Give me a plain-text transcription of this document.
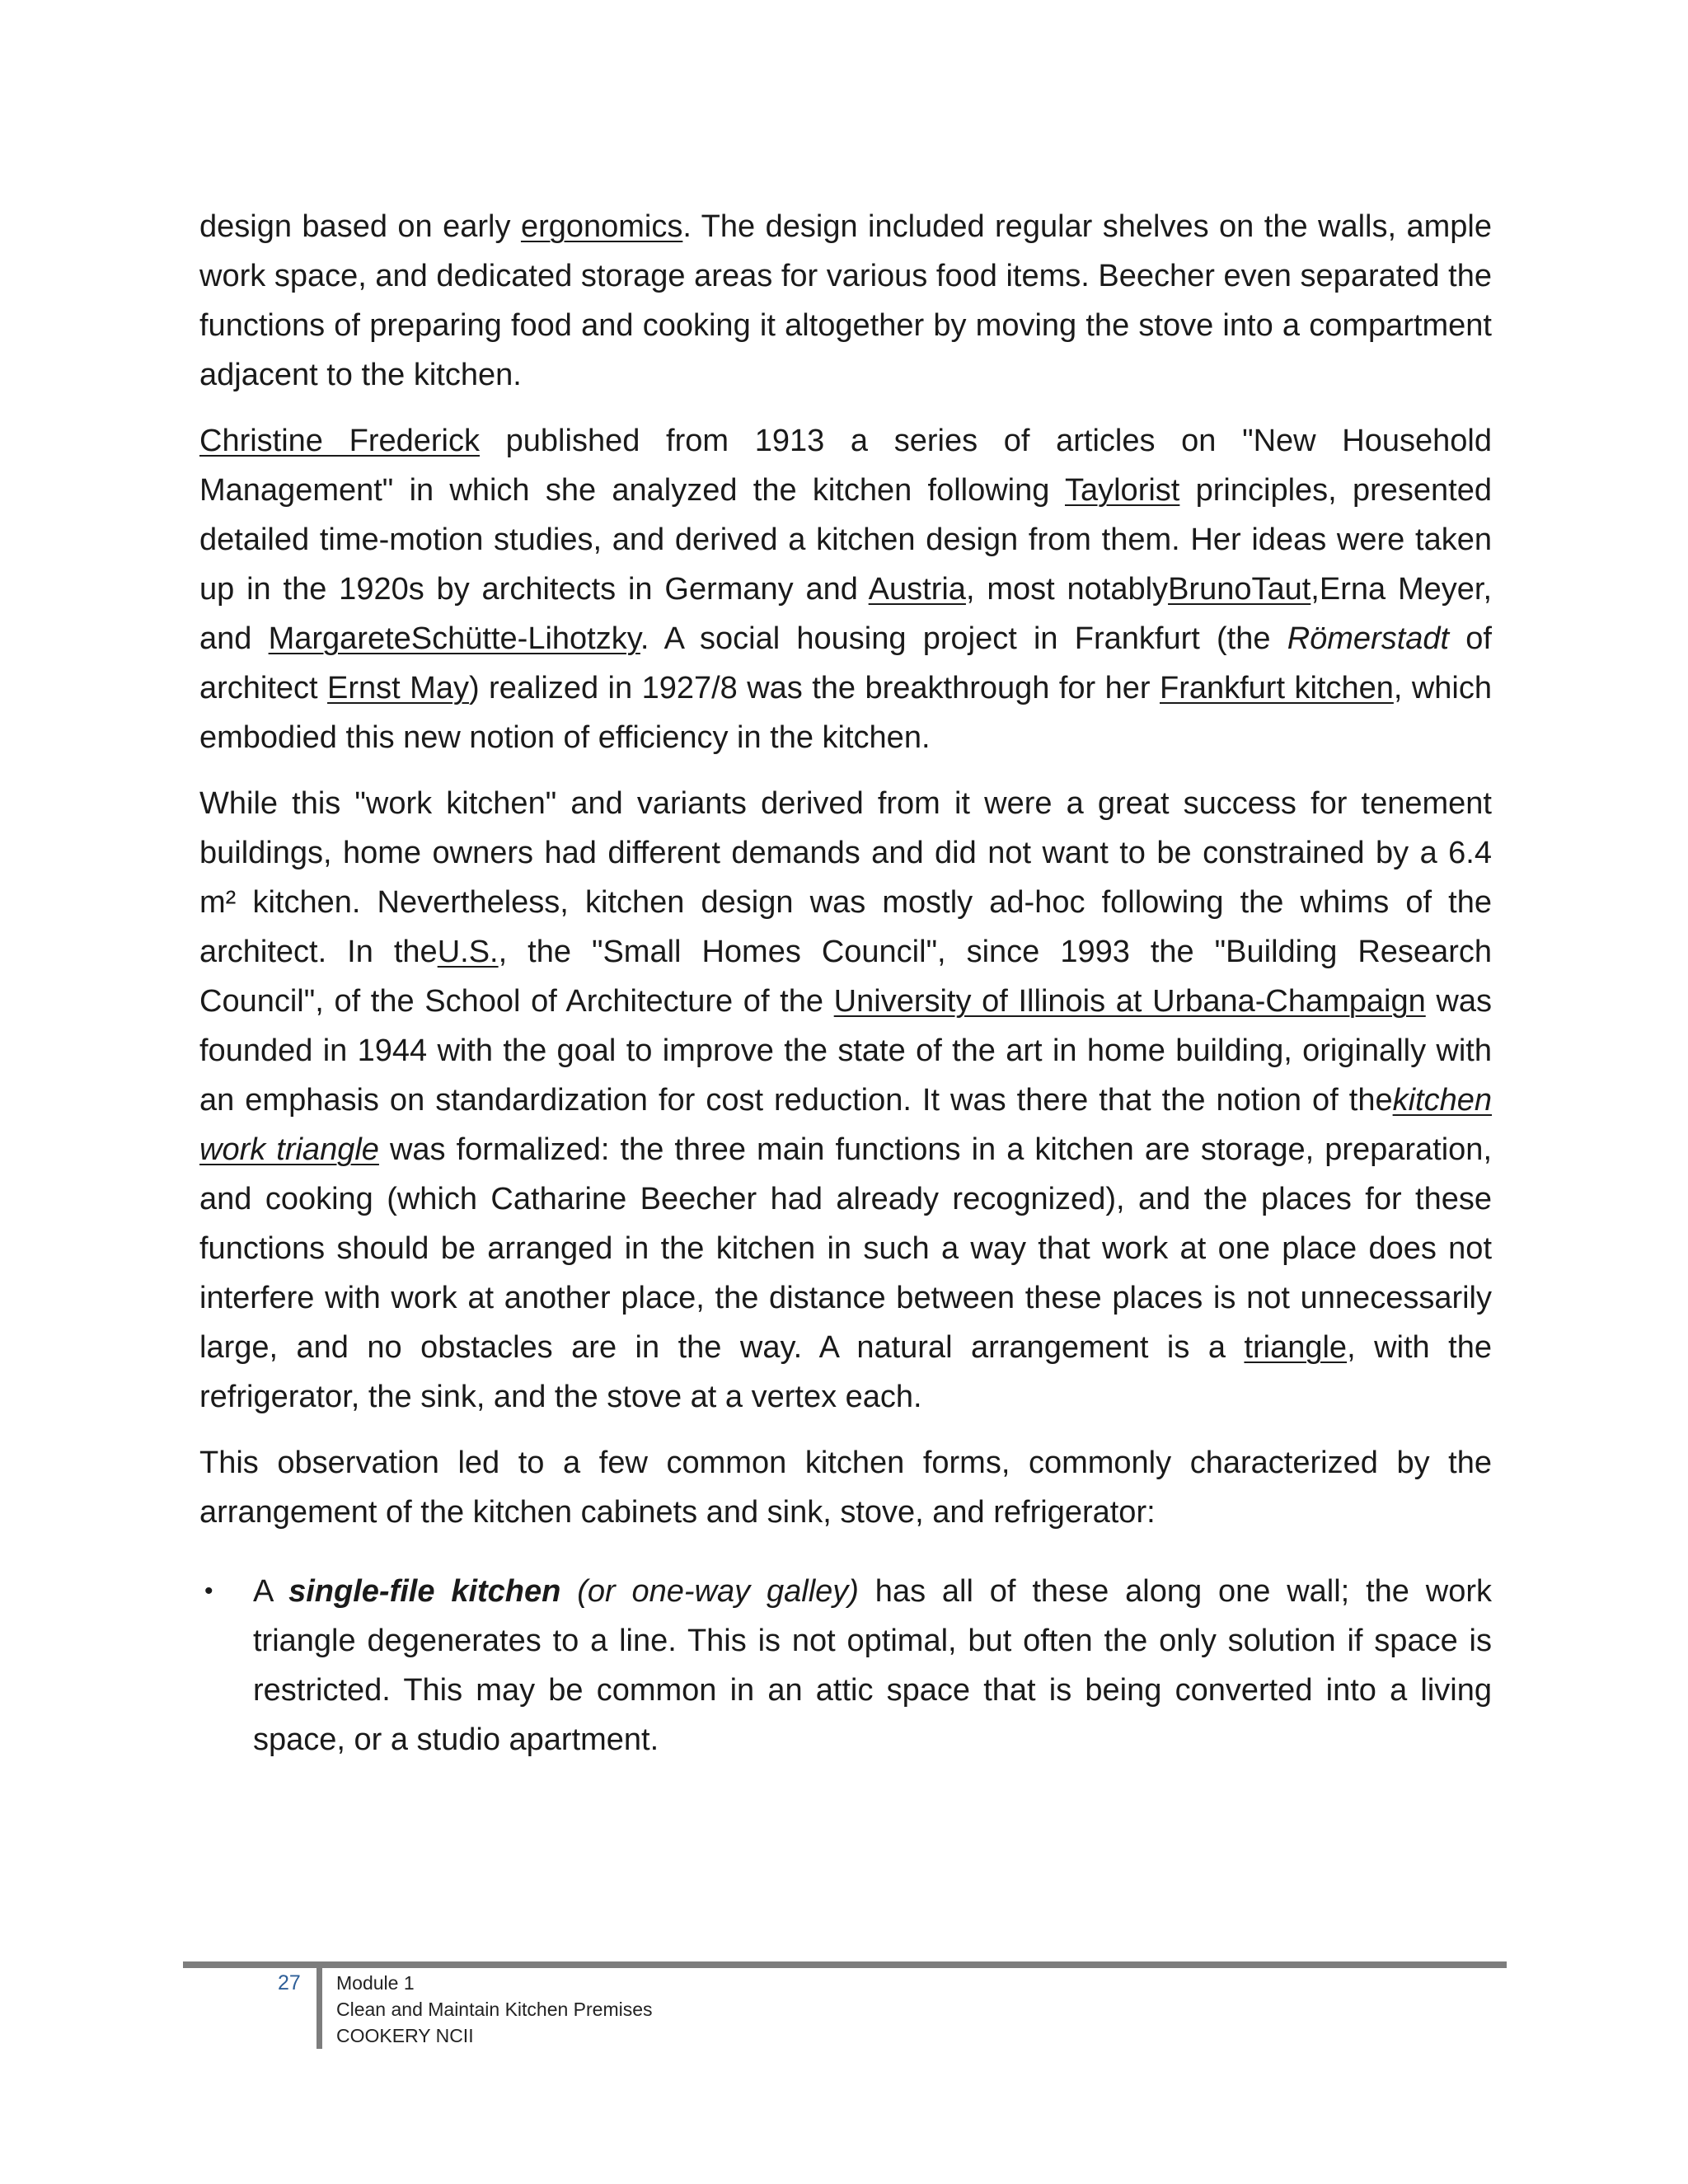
design based on early ergonomics. The design included regular shelves on the walls, ample work space, and dedicated storage areas for various food items. Beecher even separated the functions of preparing food and cooking it altogether by moving the stove into a compartment adjacent to the kitchen.

Christine Frederick published from 1913 a series of articles on "New Household Management" in which she analyzed the kitchen following Taylorist principles, presented detailed time-motion studies, and derived a kitchen design from them. Her ideas were taken up in the 1920s by architects in Germany and Austria, most notablyBrunoTaut,Erna Meyer, and MargareteSchütte-Lihotzky. A social housing project in Frankfurt (the Römerstadt of architect Ernst May) realized in 1927/8 was the breakthrough for her Frankfurt kitchen, which embodied this new notion of efficiency in the kitchen.

While this "work kitchen" and variants derived from it were a great success for tenement buildings, home owners had different demands and did not want to be constrained by a 6.4 m² kitchen. Nevertheless, kitchen design was mostly ad-hoc following the whims of the architect. In theU.S., the "Small Homes Council", since 1993 the "Building Research Council", of the School of Architecture of the University of Illinois at Urbana-Champaign was founded in 1944 with the goal to improve the state of the art in home building, originally with an emphasis on standardization for cost reduction. It was there that the notion of thekitchen work triangle was formalized: the three main functions in a kitchen are storage, preparation, and cooking (which Catharine Beecher had already recognized), and the places for these functions should be arranged in the kitchen in such a way that work at one place does not interfere with work at another place, the distance between these places is not unnecessarily large, and no obstacles are in the way. A natural arrangement is a triangle, with the refrigerator, the sink, and the stove at a vertex each.

This observation led to a few common kitchen forms, commonly characterized by the arrangement of the kitchen cabinets and sink, stove, and refrigerator:

• A single-file kitchen (or one-way galley) has all of these along one wall; the work triangle degenerates to a line. This is not optimal, but often the only solution if space is restricted. This may be common in an attic space that is being converted into a living space, or a studio apartment.
27 Module 1
Clean and Maintain Kitchen Premises
COOKERY NCII
